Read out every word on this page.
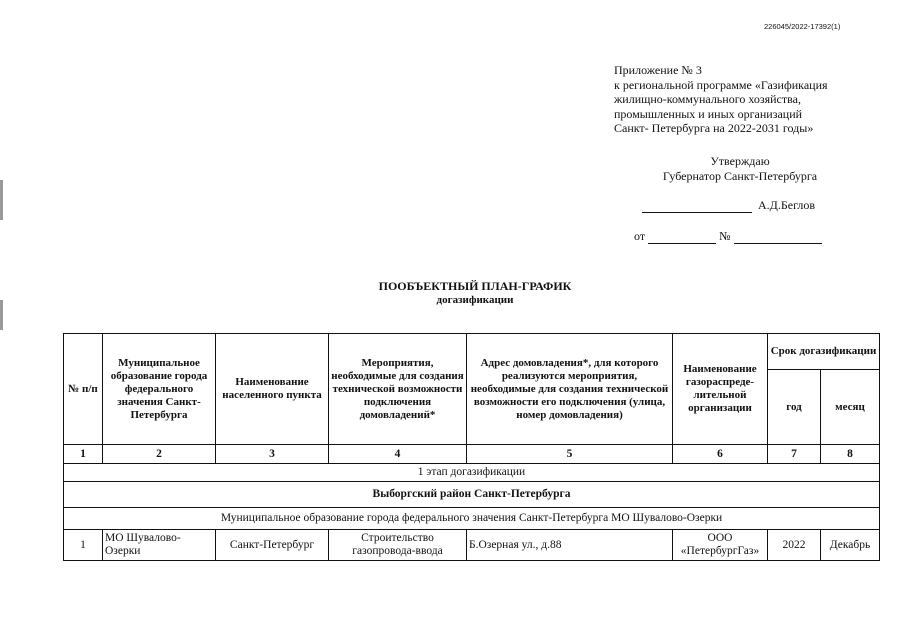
226045/2022-17392(1)
Приложение № 3
к региональной программе «Газификация
жилищно-коммунального хозяйства,
промышленных и иных организаций
Санкт- Петербурга на 2022-2031 годы»
Утверждаю
Губернатор Санкт-Петербурга
А.Д.Беглов
от	№
ПООБЪЕКТНЫЙ ПЛАН-ГРАФИК
догазификации
№ п/п	Муниципальное образование города федерального значения Санкт-Петербурга	Наименование населенного пункта	Мероприятия, необходимые для создания технической возможности подключения домовладений*	Адрес домовладения*, для которого реализуются мероприятия, необходимые для создания технической возможности его подключения (улица, номер домовладения)	Наименование газораспреде-лительной организации	Срок догазификации	
						год	месяц
1	2	3	4	5	6	7	8
1 этап догазификации							
Выборгский район Санкт-Петербурга							
Муниципальное образование города федерального значения Санкт-Петербурга МО Шувалово-Озерки							
1	МО Шувалово-Озерки	Санкт-Петербург	Строительство газопровода-ввода	Б.Озерная ул., д.88	ООО «ПетербургГаз»	2022	Декабрь
